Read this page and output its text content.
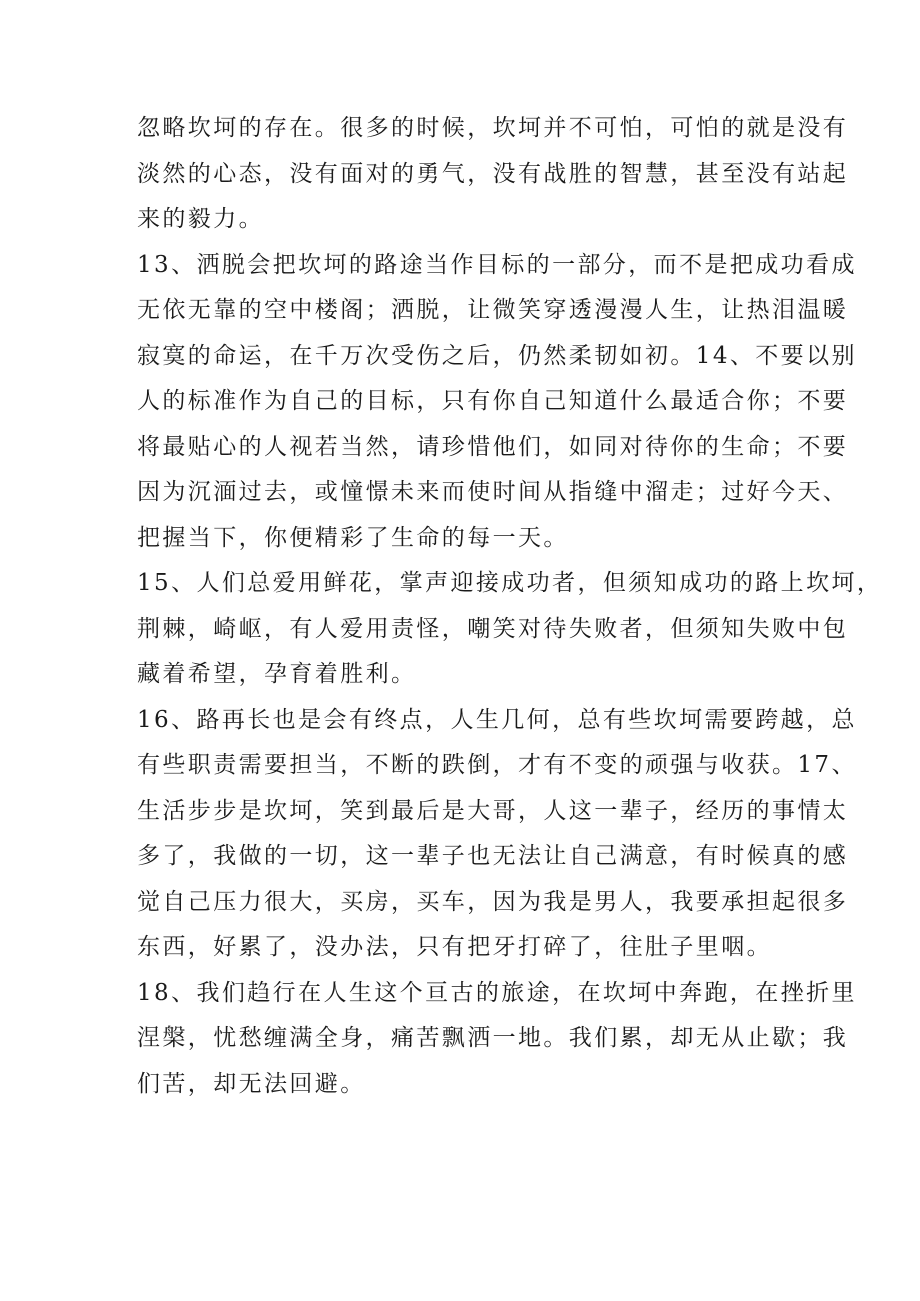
忽略坎坷的存在。很多的时候，坎坷并不可怕，可怕的就是没有
淡然的心态，没有面对的勇气，没有战胜的智慧，甚至没有站起
来的毅力。
13、洒脱会把坎坷的路途当作目标的一部分，而不是把成功看成
无依无靠的空中楼阁；洒脱，让微笑穿透漫漫人生，让热泪温暖
寂寞的命运，在千万次受伤之后，仍然柔韧如初。14、不要以别
人的标准作为自己的目标，只有你自己知道什么最适合你；不要
将最贴心的人视若当然，请珍惜他们，如同对待你的生命；不要
因为沉湎过去，或憧憬未来而使时间从指缝中溜走；过好今天、
把握当下，你便精彩了生命的每一天。
15、人们总爱用鲜花，掌声迎接成功者，但须知成功的路上坎坷，
荆棘，崎岖，有人爱用责怪，嘲笑对待失败者，但须知失败中包
藏着希望，孕育着胜利。
16、路再长也是会有终点，人生几何，总有些坎坷需要跨越，总
有些职责需要担当，不断的跌倒，才有不变的顽强与收获。17、
生活步步是坎坷，笑到最后是大哥，人这一辈子，经历的事情太
多了，我做的一切，这一辈子也无法让自己满意，有时候真的感
觉自己压力很大，买房，买车，因为我是男人，我要承担起很多
东西，好累了，没办法，只有把牙打碎了，往肚子里咽。
18、我们趋行在人生这个亘古的旅途，在坎坷中奔跑，在挫折里
涅槃，忧愁缠满全身，痛苦飘洒一地。我们累，却无从止歇；我
们苦，却无法回避。
